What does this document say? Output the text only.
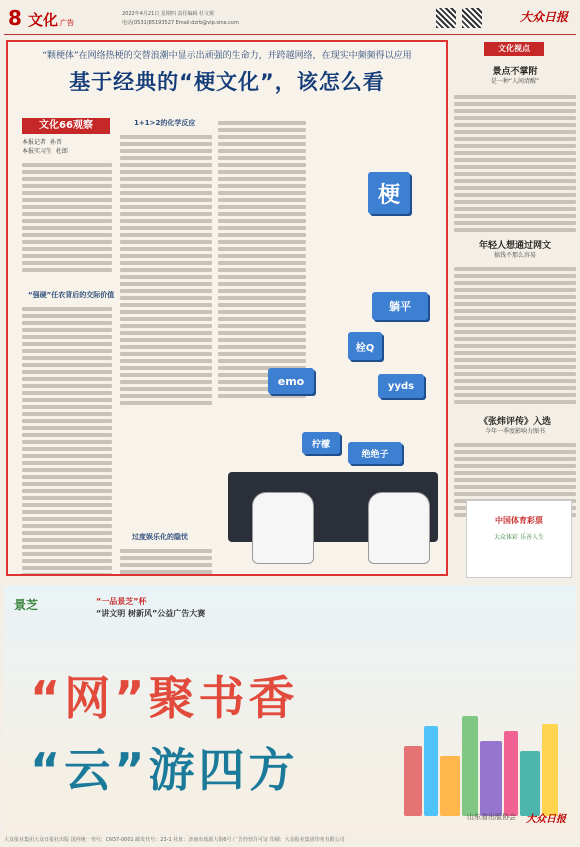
8 文化 广告
2022年4月21日 星期四 责任编辑 杜文栗
电话(0531)85193527 Email:dzrb@vip.sina.com	大众日报
“颗梗体”在网络热梗的交替浪潮中显示出顽强的生命力，并跨越网络，在现实中频频得以应用
基于经典的“梗文化”，该怎么看
文化66观察
本报记者  孙晋
本报实习生  杜郎
“强硬”任农背后的交际价值
1+1>2的化学反应
过度娱乐化的隐忧
梗
躺平
emo
栓Q
yyds
柠檬
绝绝子
文化视点
景点不掌附
是一种“人间清醒”
年轻人想通过网文
搞钱不那么容易
《张炜评传》入选
今年一季度影响力图书
中国体育彩票
大众体彩 乐善人生
景芝	“一品景芝”杯
“讲文明 树新风”公益广告大赛
“网”聚书香
“云”游四方
山东省出版协会 大众日报
大众报业集团大众日报社出版 国内统一刊号：CN37-0001 邮发代号：23-1 社址：济南市泺源大街6号 广告经营许可证 印刷：大众报业集团印务有限公司
